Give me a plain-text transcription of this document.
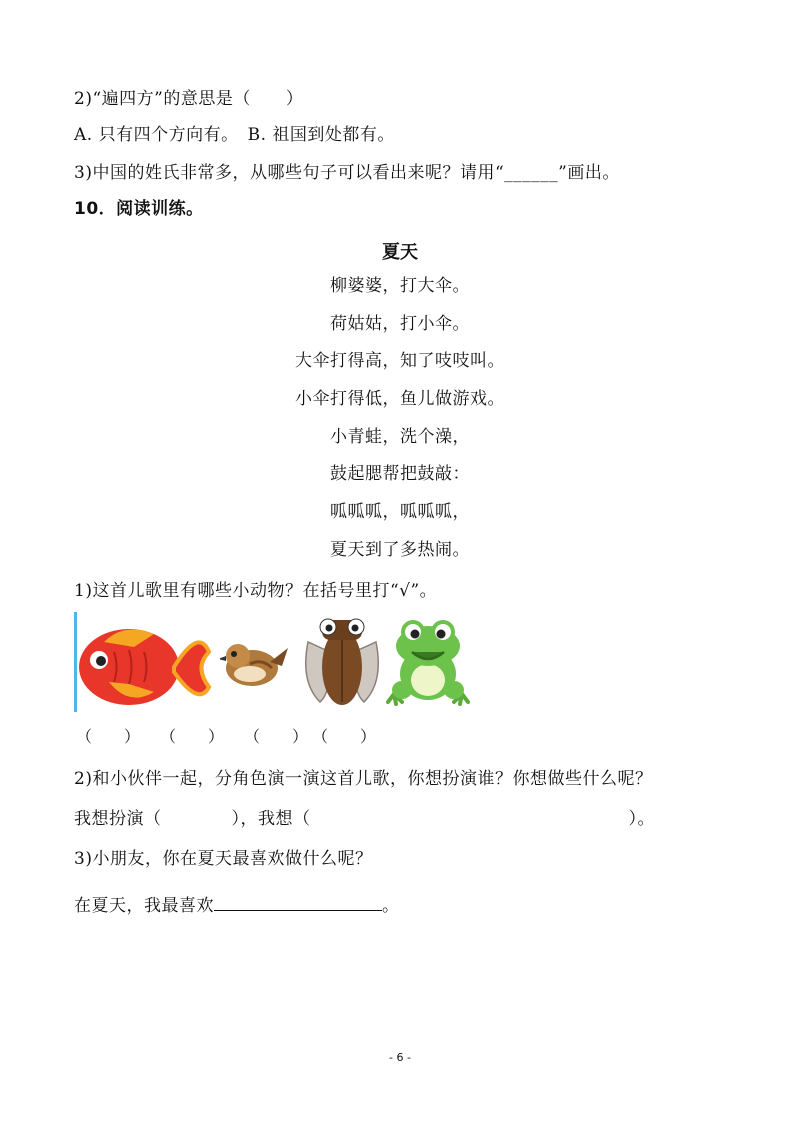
2)“遍四方”的意思是（　　）
A. 只有四个方向有。　B. 祖国到处都有。
3)中国的姓氏非常多，从哪些句子可以看出来呢？请用“______”画出。
10．阅读训练。
夏天
柳婆婆，打大伞。
荷姑姑，打小伞。
大伞打得高，知了吱吱叫。
小伞打得低，鱼儿做游戏。
小青蛙，洗个澡，
鼓起腮帮把鼓敲：
呱呱呱，呱呱呱，
夏天到了多热闹。
1)这首儿歌里有哪些小动物？在括号里打“√”。
（　　） （　　） （　　） （　　）
2)和小伙伴一起，分角色演一演这首儿歌，你想扮演谁？你想做些什么呢？
我想扮演（　　　　），我想（	）。
3)小朋友，你在夏天最喜欢做什么呢？
在夏天，我最喜欢	。
- 6 -
